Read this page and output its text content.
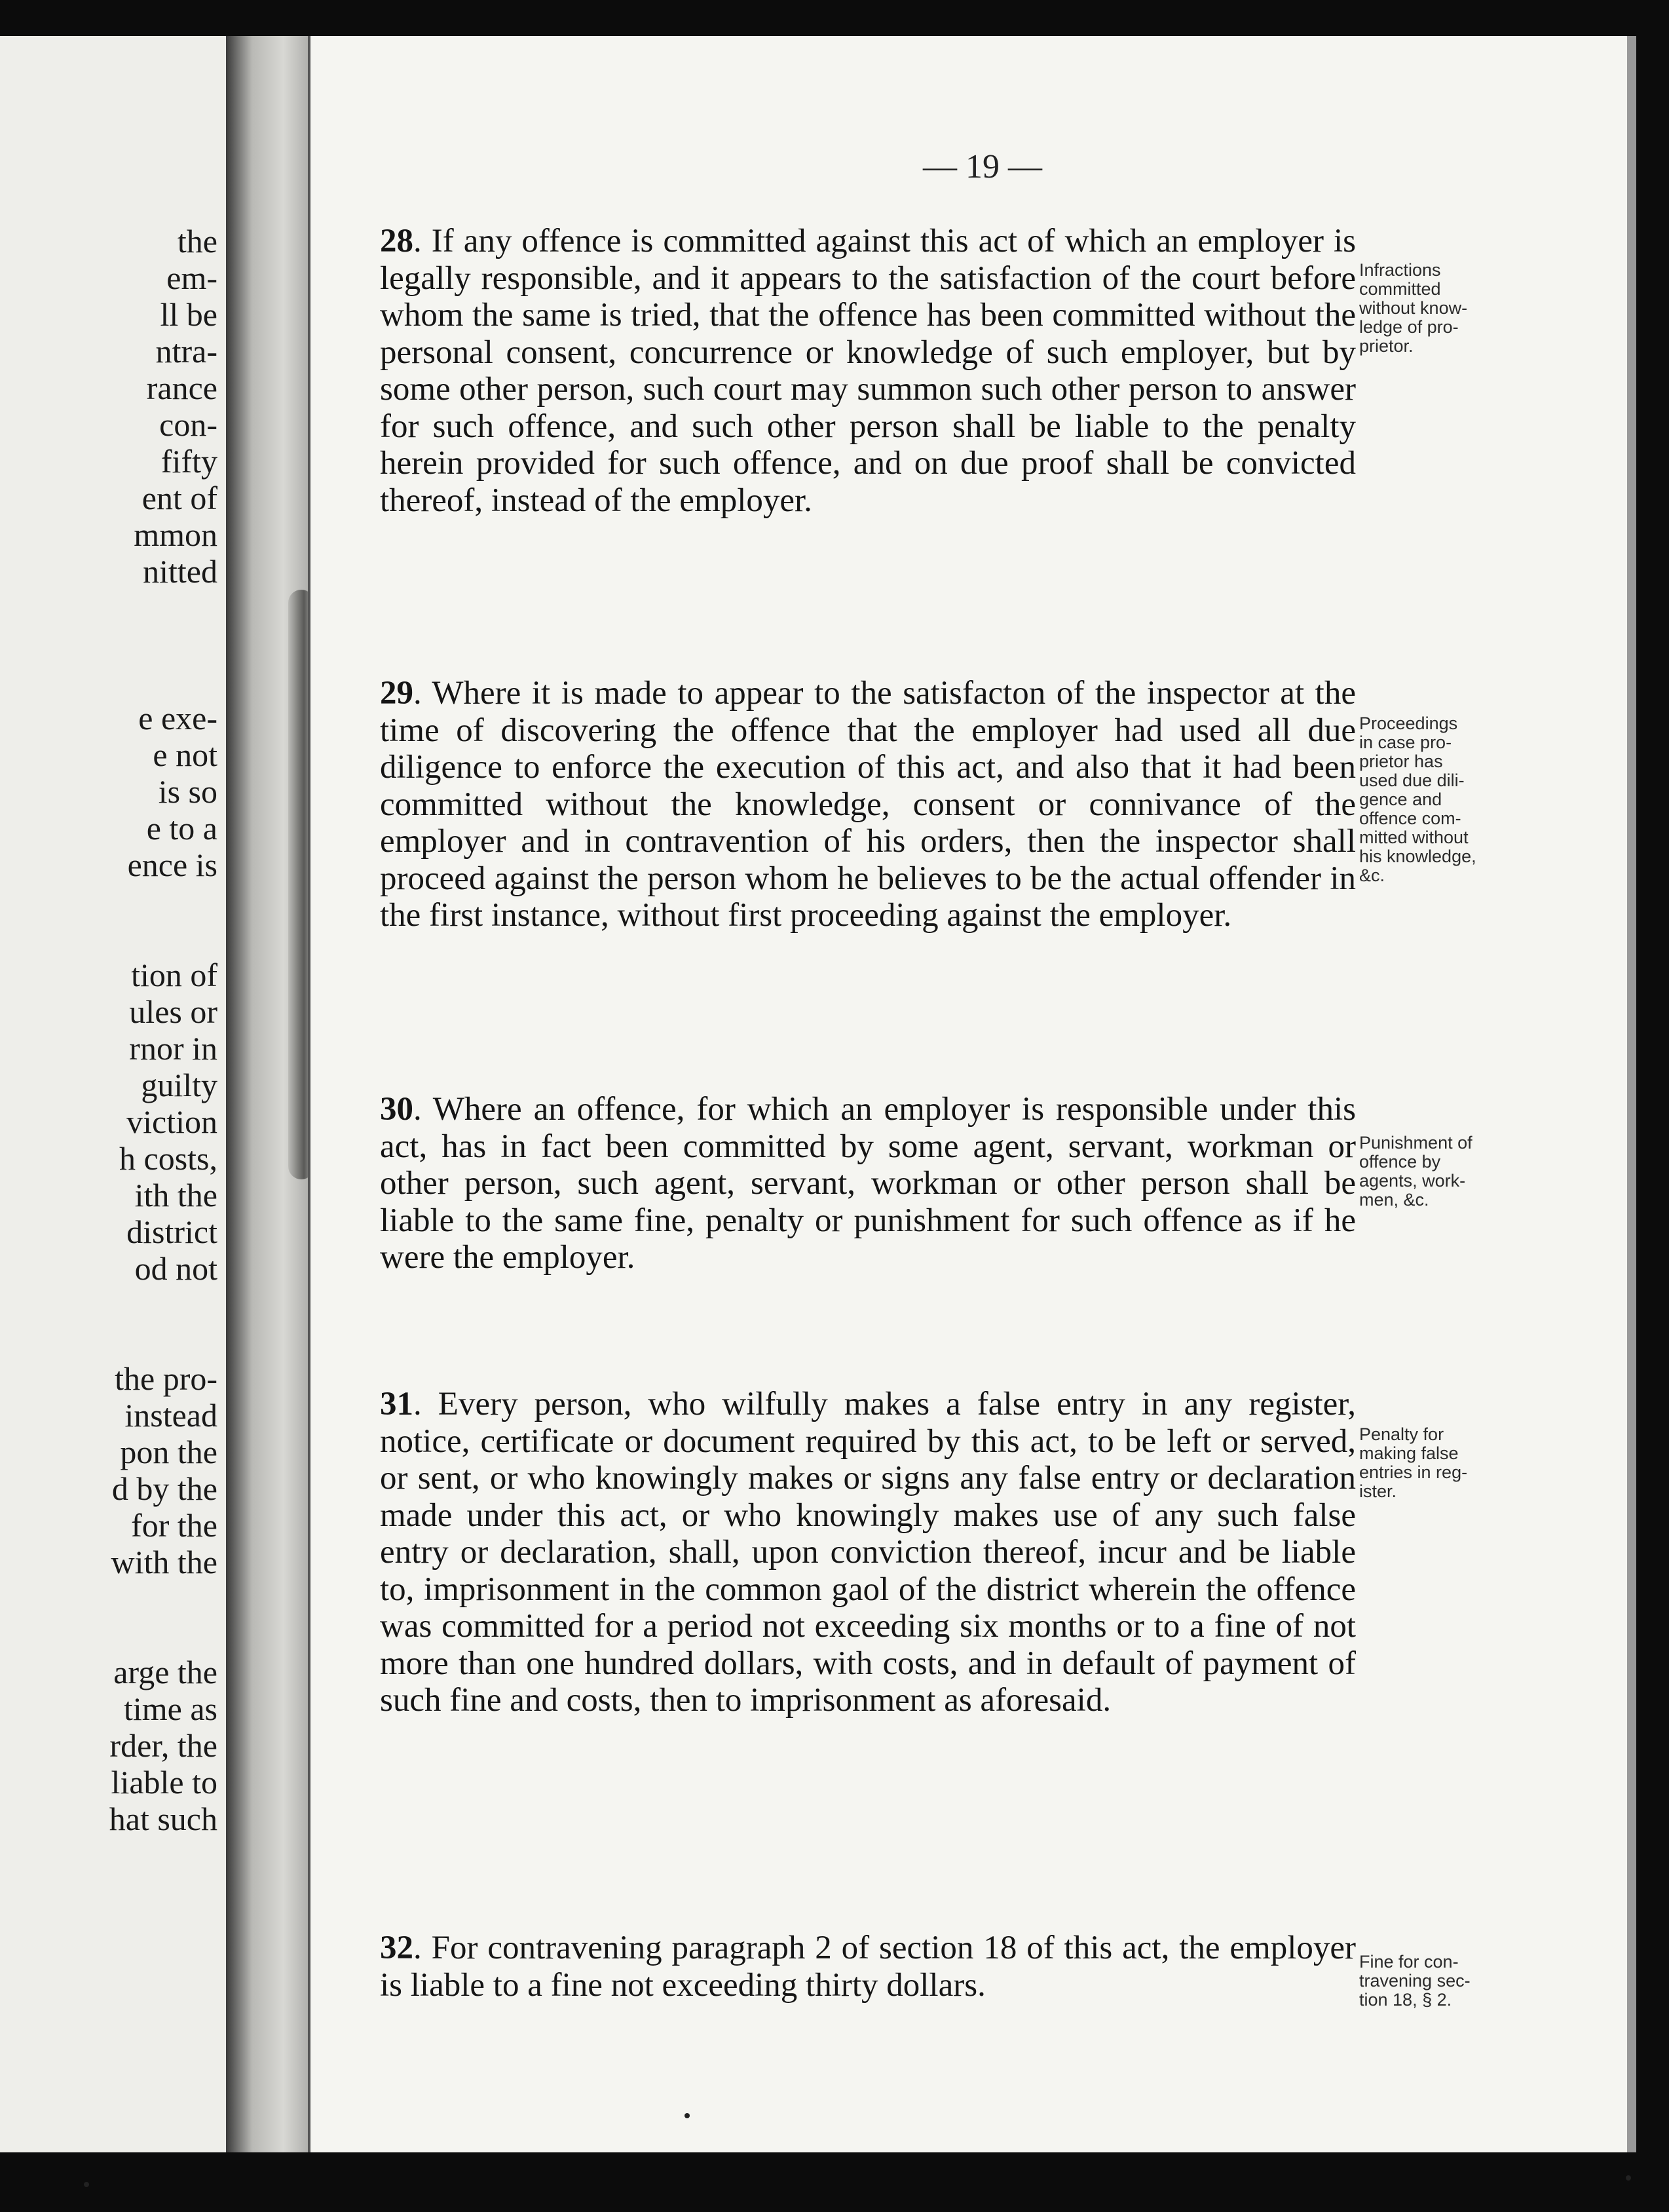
the
em-
ll be
ntra-
rance
con-
fifty
ent of
mmon
nitted
e exe-
e not
is so
e to a
ence is
tion of
ules or
rnor in
guilty
viction
h costs,
ith the
district
od not
the pro-
instead
pon the
d by the
for the
with the
arge the
time as
rder, the
liable to
hat such
— 19 —

28. If any offence is committed against this act of which an employer is legally responsible, and it appears to the satisfaction of the court before whom the same is tried, that the offence has been committed without the personal consent, concurrence or knowledge of such employer, but by some other person, such court may summon such other person to answer for such offence, and such other person shall be liable to the penalty herein provided for such offence, and on due proof shall be convicted thereof, instead of the employer.

Infractions
committed
without know-
ledge of pro-
prietor.

29. Where it is made to appear to the satisfacton of the inspector at the time of discovering the offence that the employer had used all due diligence to enforce the execution of this act, and also that it had been committed without the knowledge, consent or connivance of the employer and in contravention of his orders, then the inspector shall proceed against the person whom he believes to be the actual offender in the first instance, without first proceeding against the employer.

Proceedings
in case pro-
prietor has
used due dili-
gence and
offence com-
mitted without
his knowledge,
&c.

30. Where an offence, for which an employer is responsible under this act, has in fact been committed by some agent, servant, workman or other person, such agent, servant, workman or other person shall be liable to the same fine, penalty or punishment for such offence as if he were the employer.

Punishment of
offence by
agents, work-
men, &c.

31. Every person, who wilfully makes a false entry in any register, notice, certificate or document required by this act, to be left or served, or sent, or who knowingly makes or signs any false entry or declaration made under this act, or who knowingly makes use of any such false entry or declaration, shall, upon conviction thereof, incur and be liable to, imprisonment in the common gaol of the district wherein the offence was committed for a period not exceeding six months or to a fine of not more than one hundred dollars, with costs, and in default of payment of such fine and costs, then to imprisonment as aforesaid.

Penalty for
making false
entries in reg-
ister.

32. For contravening paragraph 2 of section 18 of this act, the employer is liable to a fine not exceeding thirty dollars.

Fine for con-
travening sec-
tion 18, § 2.
